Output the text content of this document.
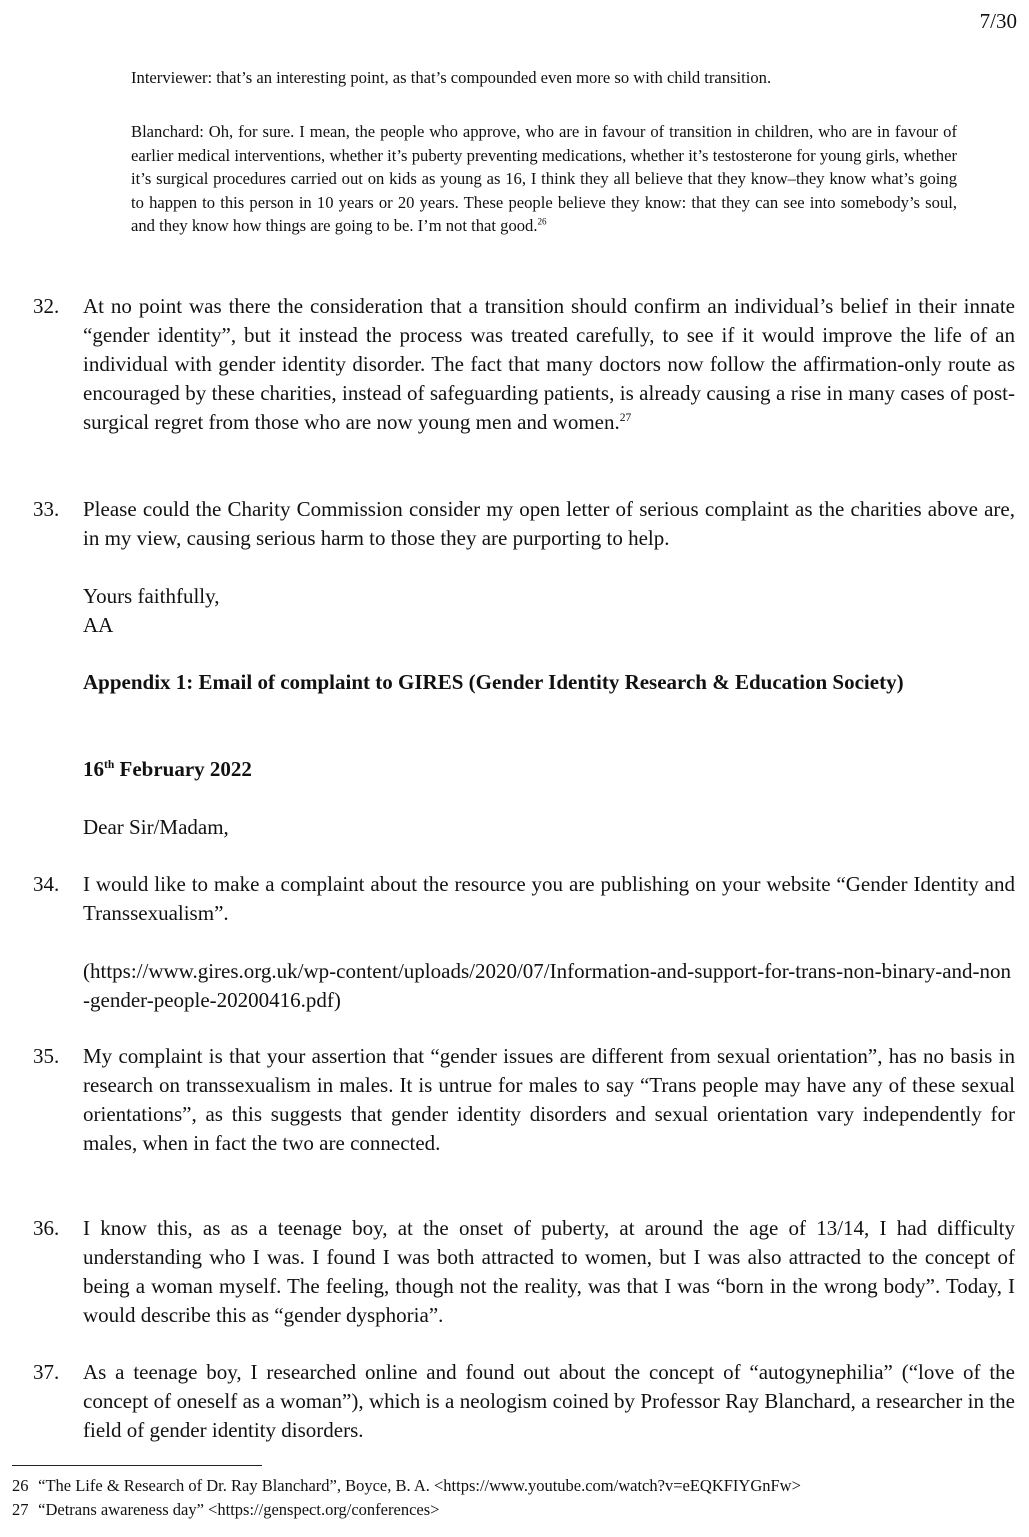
7/30
Interviewer: that’s an interesting point, as that’s compounded even more so with child transition.
Blanchard: Oh, for sure. I mean, the people who approve, who are in favour of transition in children, who are in favour of earlier medical interventions, whether it’s puberty preventing medications, whether it’s testosterone for young girls, whether it’s surgical procedures carried out on kids as young as 16, I think they all believe that they know–they know what’s going to happen to this person in 10 years or 20 years. These people believe they know: that they can see into somebody’s soul, and they know how things are going to be. I’m not that good.$^{26}$
32.	At no point was there the consideration that a transition should confirm an individual’s belief in their innate “gender identity”, but it instead the process was treated carefully, to see if it would improve the life of an individual with gender identity disorder. The fact that many doctors now follow the affirmation-only route as encouraged by these charities, instead of safeguarding patients, is already causing a rise in many cases of post-surgical regret from those who are now young men and women.$^{27}$
33.	Please could the Charity Commission consider my open letter of serious complaint as the charities above are, in my view, causing serious harm to those they are purporting to help.
Yours faithfully,
AA
Appendix 1: Email of complaint to GIRES (Gender Identity Research & Education Society)
16th February 2022
Dear Sir/Madam,
34.	I would like to make a complaint about the resource you are publishing on your website “Gender Identity and Transsexualism”.
(https://www.gires.org.uk/wp-content/uploads/2020/07/Information-and-support-for-trans-non-binary-and-non-gender-people-20200416.pdf)
35.	My complaint is that your assertion that “gender issues are different from sexual orientation”, has no basis in research on transsexualism in males. It is untrue for males to say “Trans people may have any of these sexual orientations”, as this suggests that gender identity disorders and sexual orientation vary independently for males, when in fact the two are connected.
36.	I know this, as as a teenage boy, at the onset of puberty, at around the age of 13/14, I had difficulty understanding who I was. I found I was both attracted to women, but I was also attracted to the concept of being a woman myself. The feeling, though not the reality, was that I was “born in the wrong body”. Today, I would describe this as “gender dysphoria”.
37.	As a teenage boy, I researched online and found out about the concept of “autogynephilia” (“love of the concept of oneself as a woman”), which is a neologism coined by Professor Ray Blanchard, a researcher in the field of gender identity disorders.
26 “The Life & Research of Dr. Ray Blanchard”, Boyce, B. A. <https://www.youtube.com/watch?v=eEQKFIYGnFw>
27 “Detrans awareness day” <https://genspect.org/conferences>
